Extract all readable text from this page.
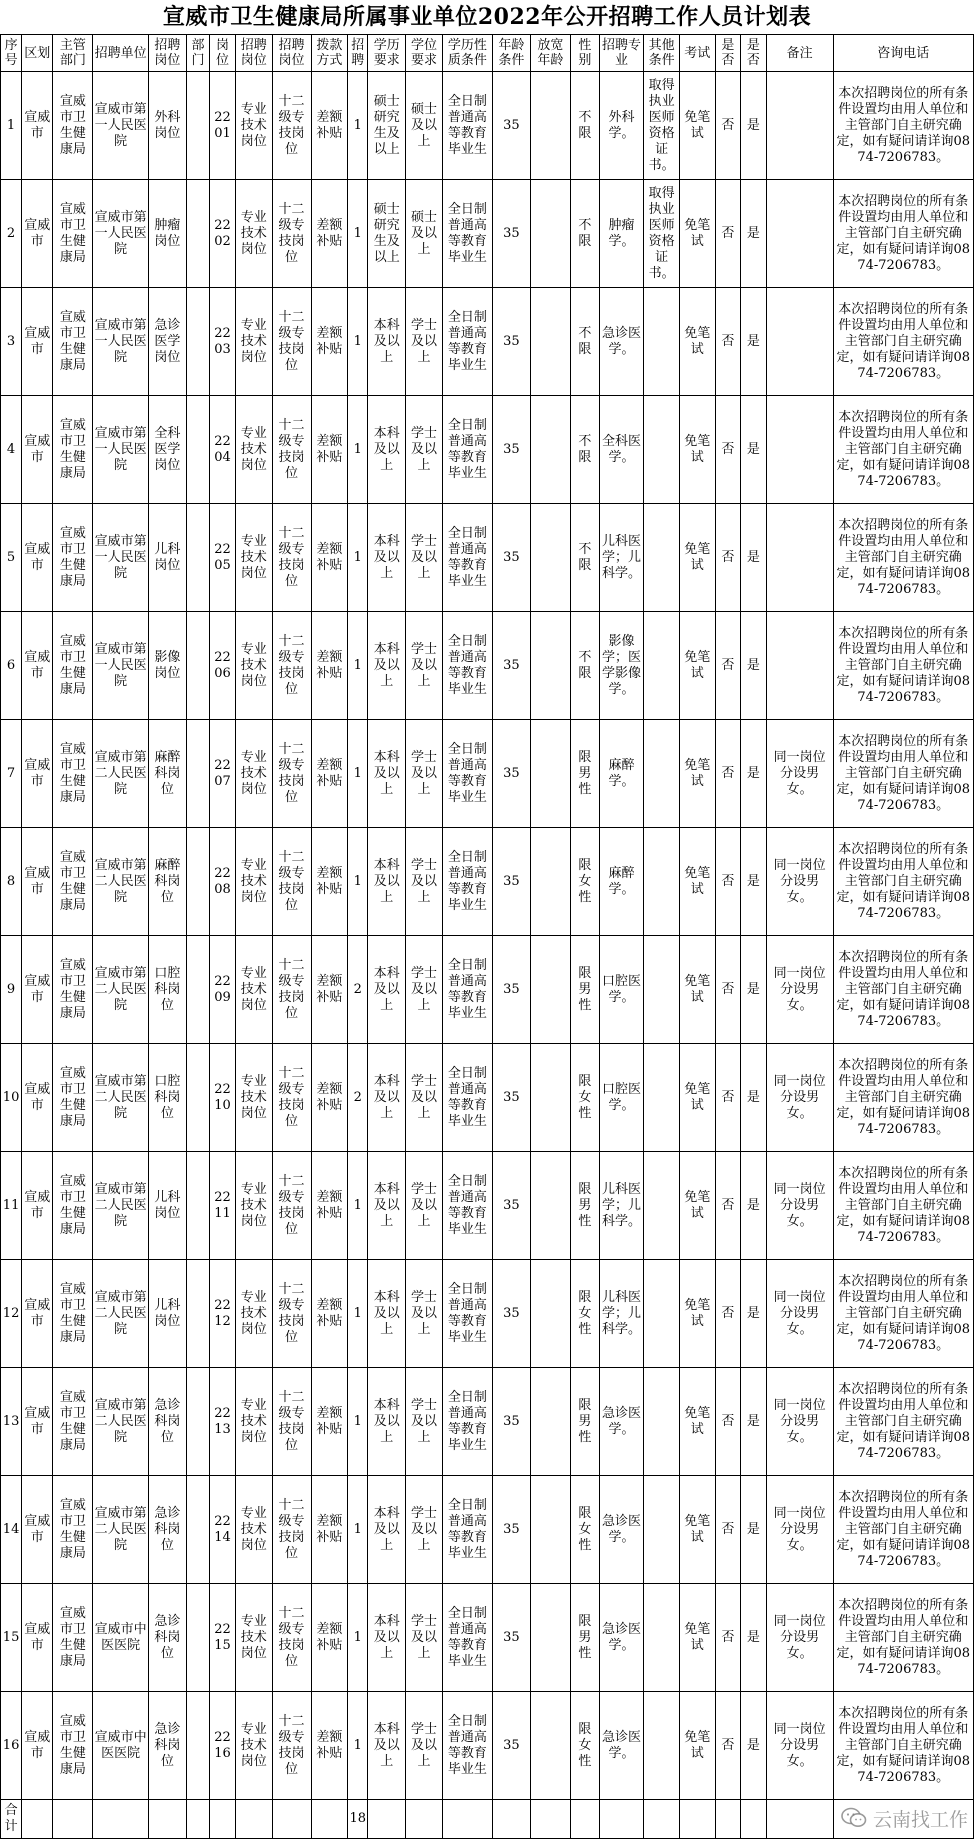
宣威市卫生健康局所属事业单位2022年公开招聘工作人员计划表
序号	区划	主管部门	招聘单位	招聘岗位	部门	岗位	招聘岗位	招聘岗位	拨款方式	招聘	学历要求	学位要求	学历性质条件	年龄条件	放宽年龄	性别	招聘专业	其他条件	考试	是否	是否	备注	咨询电话
1	宣威市	宣威市卫生健康局	宣威市第一人民医院	外科岗位		2201	专业技术岗位	十二级专技岗位	差额补贴	1	硕士研究生及以上	硕士及以上	全日制普通高等教育毕业生	35		不限	外科学。	取得执业医师资格证书。	免笔试	否	是		本次招聘岗位的所有条件设置均由用人单位和主管部门自主研究确定，如有疑问请详询0874-7206783。
2	宣威市	宣威市卫生健康局	宣威市第一人民医院	肿瘤岗位		2202	专业技术岗位	十二级专技岗位	差额补贴	1	硕士研究生及以上	硕士及以上	全日制普通高等教育毕业生	35		不限	肿瘤学。	取得执业医师资格证书。	免笔试	否	是		本次招聘岗位的所有条件设置均由用人单位和主管部门自主研究确定，如有疑问请详询0874-7206783。
3	宣威市	宣威市卫生健康局	宣威市第一人民医院	急诊医学岗位		2203	专业技术岗位	十二级专技岗位	差额补贴	1	本科及以上	学士及以上	全日制普通高等教育毕业生	35		不限	急诊医学。		免笔试	否	是		本次招聘岗位的所有条件设置均由用人单位和主管部门自主研究确定，如有疑问请详询0874-7206783。
4	宣威市	宣威市卫生健康局	宣威市第一人民医院	全科医学岗位		2204	专业技术岗位	十二级专技岗位	差额补贴	1	本科及以上	学士及以上	全日制普通高等教育毕业生	35		不限	全科医学。		免笔试	否	是		本次招聘岗位的所有条件设置均由用人单位和主管部门自主研究确定，如有疑问请详询0874-7206783。
5	宣威市	宣威市卫生健康局	宣威市第一人民医院	儿科岗位		2205	专业技术岗位	十二级专技岗位	差额补贴	1	本科及以上	学士及以上	全日制普通高等教育毕业生	35		不限	儿科医学；儿科学。		免笔试	否	是		本次招聘岗位的所有条件设置均由用人单位和主管部门自主研究确定，如有疑问请详询0874-7206783。
6	宣威市	宣威市卫生健康局	宣威市第一人民医院	影像岗位		2206	专业技术岗位	十二级专技岗位	差额补贴	1	本科及以上	学士及以上	全日制普通高等教育毕业生	35		不限	影像学；医学影像学。		免笔试	否	是		本次招聘岗位的所有条件设置均由用人单位和主管部门自主研究确定，如有疑问请详询0874-7206783。
7	宣威市	宣威市卫生健康局	宣威市第二人民医院	麻醉科岗位		2207	专业技术岗位	十二级专技岗位	差额补贴	1	本科及以上	学士及以上	全日制普通高等教育毕业生	35		限男性	麻醉学。		免笔试	否	是	同一岗位分设男女。	本次招聘岗位的所有条件设置均由用人单位和主管部门自主研究确定，如有疑问请详询0874-7206783。
8	宣威市	宣威市卫生健康局	宣威市第二人民医院	麻醉科岗位		2208	专业技术岗位	十二级专技岗位	差额补贴	1	本科及以上	学士及以上	全日制普通高等教育毕业生	35		限女性	麻醉学。		免笔试	否	是	同一岗位分设男女。	本次招聘岗位的所有条件设置均由用人单位和主管部门自主研究确定，如有疑问请详询0874-7206783。
9	宣威市	宣威市卫生健康局	宣威市第二人民医院	口腔科岗位		2209	专业技术岗位	十二级专技岗位	差额补贴	2	本科及以上	学士及以上	全日制普通高等教育毕业生	35		限男性	口腔医学。		免笔试	否	是	同一岗位分设男女。	本次招聘岗位的所有条件设置均由用人单位和主管部门自主研究确定，如有疑问请详询0874-7206783。
10	宣威市	宣威市卫生健康局	宣威市第二人民医院	口腔科岗位		2210	专业技术岗位	十二级专技岗位	差额补贴	2	本科及以上	学士及以上	全日制普通高等教育毕业生	35		限女性	口腔医学。		免笔试	否	是	同一岗位分设男女。	本次招聘岗位的所有条件设置均由用人单位和主管部门自主研究确定，如有疑问请详询0874-7206783。
11	宣威市	宣威市卫生健康局	宣威市第二人民医院	儿科岗位		2211	专业技术岗位	十二级专技岗位	差额补贴	1	本科及以上	学士及以上	全日制普通高等教育毕业生	35		限男性	儿科医学；儿科学。		免笔试	否	是	同一岗位分设男女。	本次招聘岗位的所有条件设置均由用人单位和主管部门自主研究确定，如有疑问请详询0874-7206783。
12	宣威市	宣威市卫生健康局	宣威市第二人民医院	儿科岗位		2212	专业技术岗位	十二级专技岗位	差额补贴	1	本科及以上	学士及以上	全日制普通高等教育毕业生	35		限女性	儿科医学；儿科学。		免笔试	否	是	同一岗位分设男女。	本次招聘岗位的所有条件设置均由用人单位和主管部门自主研究确定，如有疑问请详询0874-7206783。
13	宣威市	宣威市卫生健康局	宣威市第二人民医院	急诊科岗位		2213	专业技术岗位	十二级专技岗位	差额补贴	1	本科及以上	学士及以上	全日制普通高等教育毕业生	35		限男性	急诊医学。		免笔试	否	是	同一岗位分设男女。	本次招聘岗位的所有条件设置均由用人单位和主管部门自主研究确定，如有疑问请详询0874-7206783。
14	宣威市	宣威市卫生健康局	宣威市第二人民医院	急诊科岗位		2214	专业技术岗位	十二级专技岗位	差额补贴	1	本科及以上	学士及以上	全日制普通高等教育毕业生	35		限女性	急诊医学。		免笔试	否	是	同一岗位分设男女。	本次招聘岗位的所有条件设置均由用人单位和主管部门自主研究确定，如有疑问请详询0874-7206783。
15	宣威市	宣威市卫生健康局	宣威市中医医院	急诊科岗位		2215	专业技术岗位	十二级专技岗位	差额补贴	1	本科及以上	学士及以上	全日制普通高等教育毕业生	35		限男性	急诊医学。		免笔试	否	是	同一岗位分设男女。	本次招聘岗位的所有条件设置均由用人单位和主管部门自主研究确定，如有疑问请详询0874-7206783。
16	宣威市	宣威市卫生健康局	宣威市中医医院	急诊科岗位		2216	专业技术岗位	十二级专技岗位	差额补贴	1	本科及以上	学士及以上	全日制普通高等教育毕业生	35		限女性	急诊医学。		免笔试	否	是	同一岗位分设男女。	本次招聘岗位的所有条件设置均由用人单位和主管部门自主研究确定，如有疑问请详询0874-7206783。
合计										18														云南找工作
